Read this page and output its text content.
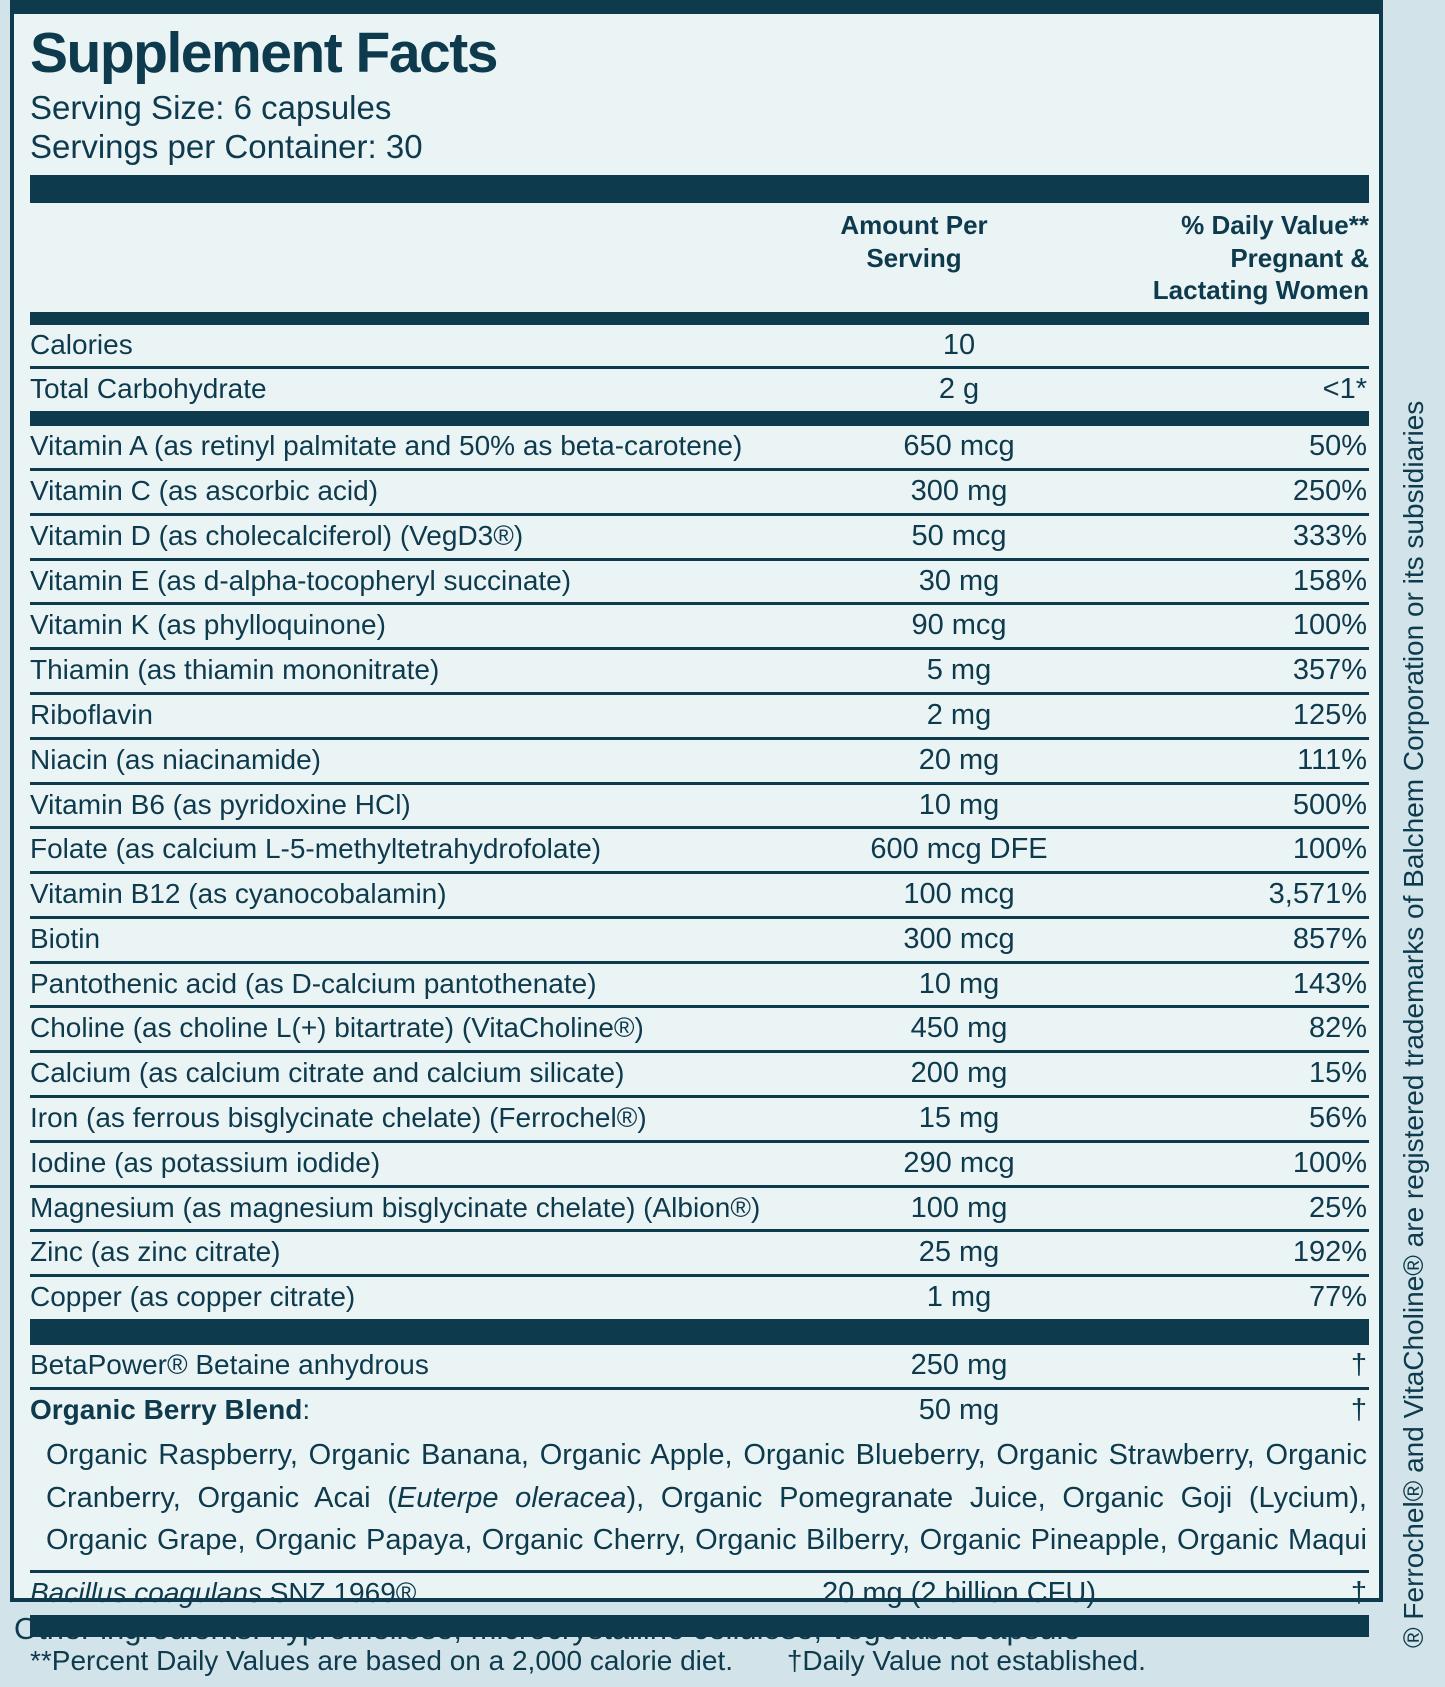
Supplement Facts
Serving Size: 6 capsules
Servings per Container: 30
Amount Per
Serving
% Daily Value**
Pregnant &
Lactating Women
Calories	10
Total Carbohydrate	2 g	<1*
Vitamin A (as retinyl palmitate and 50% as beta-carotene)	650 mcg	50%
Vitamin C (as ascorbic acid)	300 mg	250%
Vitamin D (as cholecalciferol) (VegD3®)	50 mcg	333%
Vitamin E (as d-alpha-tocopheryl succinate)	30 mg	158%
Vitamin K (as phylloquinone)	90 mcg	100%
Thiamin (as thiamin mononitrate)	5 mg	357%
Riboflavin	2 mg	125%
Niacin (as niacinamide)	20 mg	111%
Vitamin B6 (as pyridoxine HCl)	10 mg	500%
Folate (as calcium L-5-methyltetrahydrofolate)	600 mcg DFE	100%
Vitamin B12 (as cyanocobalamin)	100 mcg	3,571%
Biotin	300 mcg	857%
Pantothenic acid (as D-calcium pantothenate)	10 mg	143%
Choline (as choline L(+) bitartrate) (VitaCholine®)	450 mg	82%
Calcium (as calcium citrate and calcium silicate)	200 mg	15%
Iron (as ferrous bisglycinate chelate) (Ferrochel®)	15 mg	56%
Iodine (as potassium iodide)	290 mcg	100%
Magnesium (as magnesium bisglycinate chelate) (Albion®)	100 mg	25%
Zinc (as zinc citrate)	25 mg	192%
Copper (as copper citrate)	1 mg	77%
BetaPower® Betaine anhydrous	250 mg	†
Organic Berry Blend:	50 mg	†
Organic Raspberry, Organic Banana, Organic Apple, Organic Blueberry, Organic Strawberry, Organic Cranberry, Organic Acai (Euterpe oleracea), Organic Pomegranate Juice, Organic Goji (Lycium), Organic Grape, Organic Papaya, Organic Cherry, Organic Bilberry, Organic Pineapple, Organic Maqui
Bacillus coagulans SNZ 1969®	20 mg (2 billion CFU)	†
**Percent Daily Values are based on a 2,000 calorie diet. †Daily Value not established.
® Ferrochel® and VitaCholine® are registered trademarks of Balchem Corporation or its subsidiaries
Other ingredients: hypromellose, microcrystalline cellulose, vegetable capsule
